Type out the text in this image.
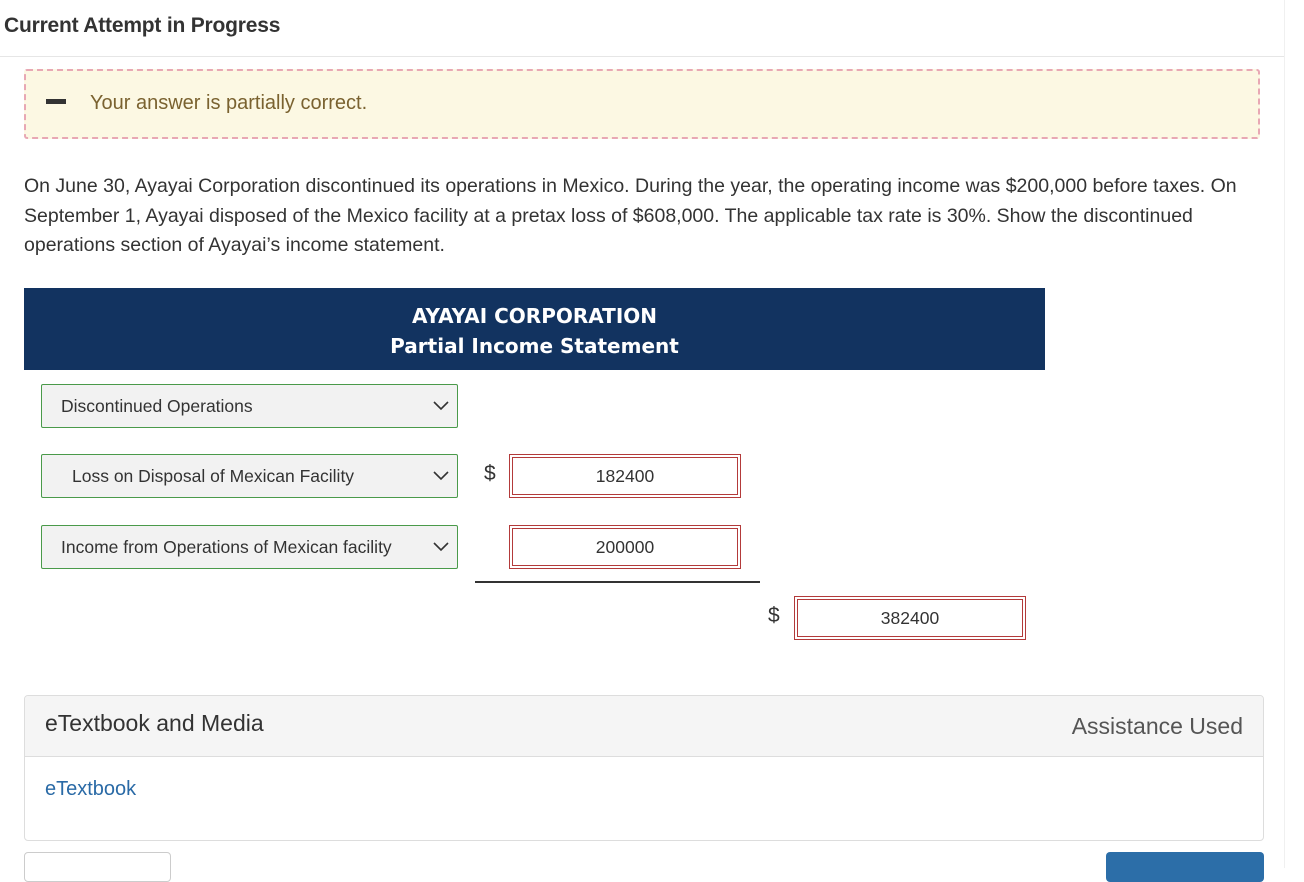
Current Attempt in Progress
Your answer is partially correct.
On June 30, Ayayai Corporation discontinued its operations in Mexico. During the year, the operating income was $200,000 before taxes. On September 1, Ayayai disposed of the Mexico facility at a pretax loss of $608,000. The applicable tax rate is 30%. Show the discontinued operations section of Ayayai’s income statement.
AYAYAI CORPORATION
Partial Income Statement
Discontinued Operations
Loss on Disposal of Mexican Facility	$	182400
Income from Operations of Mexican facility	200000
$	382400
eTextbook and Media	Assistance Used
eTextbook
